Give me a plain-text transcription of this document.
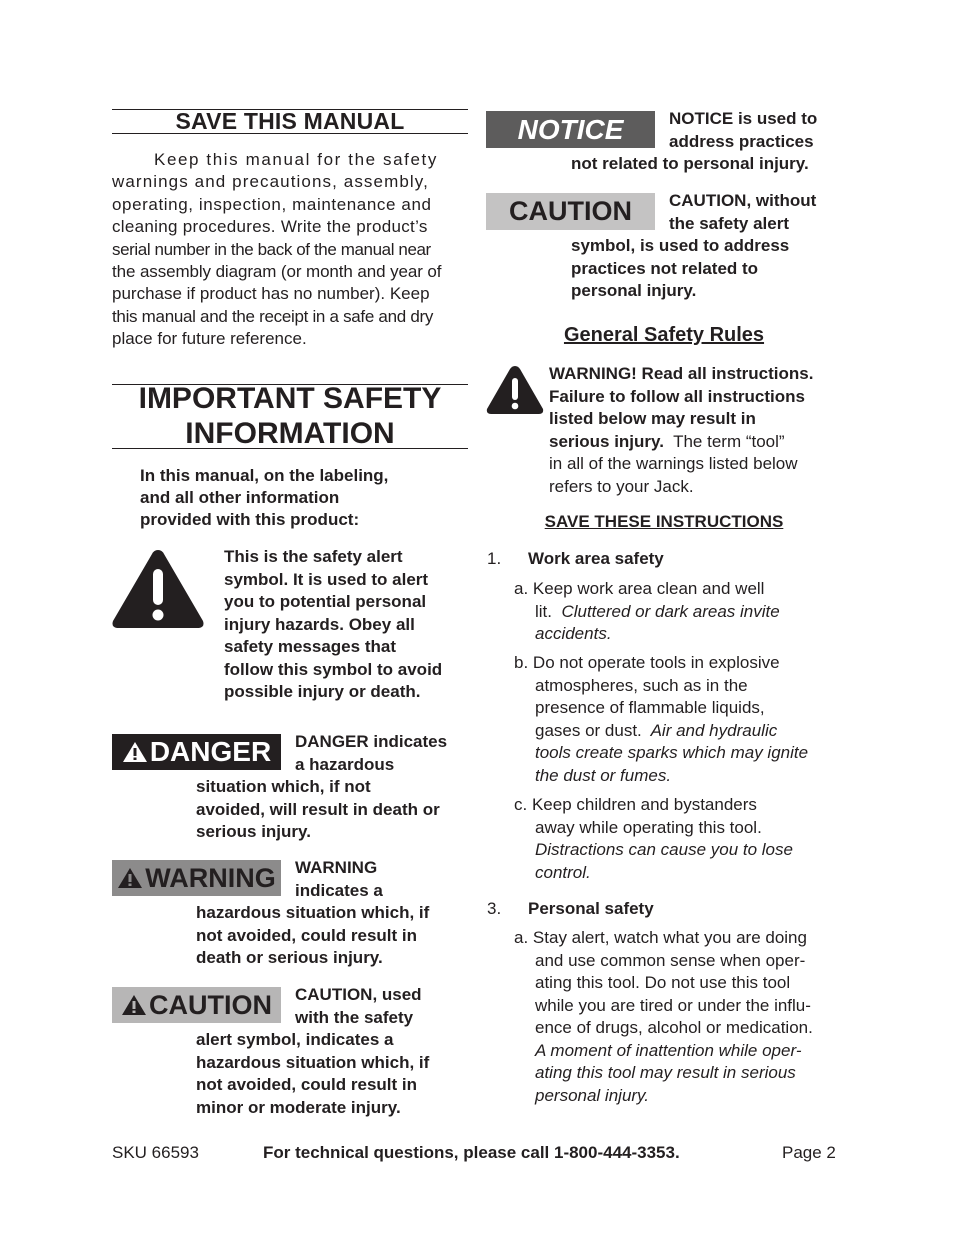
SAVE THIS MANUAL
Keep this manual for the safety
warnings and precautions, assembly,
operating, inspection, maintenance and
cleaning procedures. Write the product’s
serial number in the back of the manual near
the assembly diagram (or month and year of
purchase if product has no number). Keep
this manual and the receipt in a safe and dry
place for future reference.
IMPORTANT SAFETY
INFORMATION
In this manual, on the labeling,
and all other information
provided with this product:
This is the safety alert
symbol. It is used to alert
you to potential personal
injury hazards. Obey all
safety messages that
follow this symbol to avoid
possible injury or death.
DANGER DANGER indicates
a hazardous
situation which, if not
avoided, will result in death or
serious injury.
WARNING WARNING
indicates a
hazardous situation which, if
not avoided, could result in
death or serious injury.
CAUTION CAUTION, used
with the safety
alert symbol, indicates a
hazardous situation which, if
not avoided, could result in
minor or moderate injury.
NOTICE	NOTICE is used to
address practices
not related to personal injury.
CAUTION	CAUTION, without
the safety alert
symbol, is used to address
practices not related to
personal injury.
General Safety Rules
WARNING! Read all instructions.
Failure to follow all instructions
listed below may result in
serious injury.  The term “tool”
in all of the warnings listed below
refers to your Jack.
SAVE THESE INSTRUCTIONS
1. Work area safety
a. Keep work area clean and well
lit.  Cluttered or dark areas invite
accidents.
b. Do not operate tools in explosive
atmospheres, such as in the
presence of flammable liquids,
gases or dust.  Air and hydraulic
tools create sparks which may ignite
the dust or fumes.
c. Keep children and bystanders
away while operating this tool.
Distractions can cause you to lose
control.
3. Personal safety
a. Stay alert, watch what you are doing
and use common sense when oper-
ating this tool. Do not use this tool
while you are tired or under the influ-
ence of drugs, alcohol or medication.
A moment of inattention while oper-
ating this tool may result in serious
personal injury.
SKU 66593	For technical questions, please call 1-800-444-3353.	Page 2
